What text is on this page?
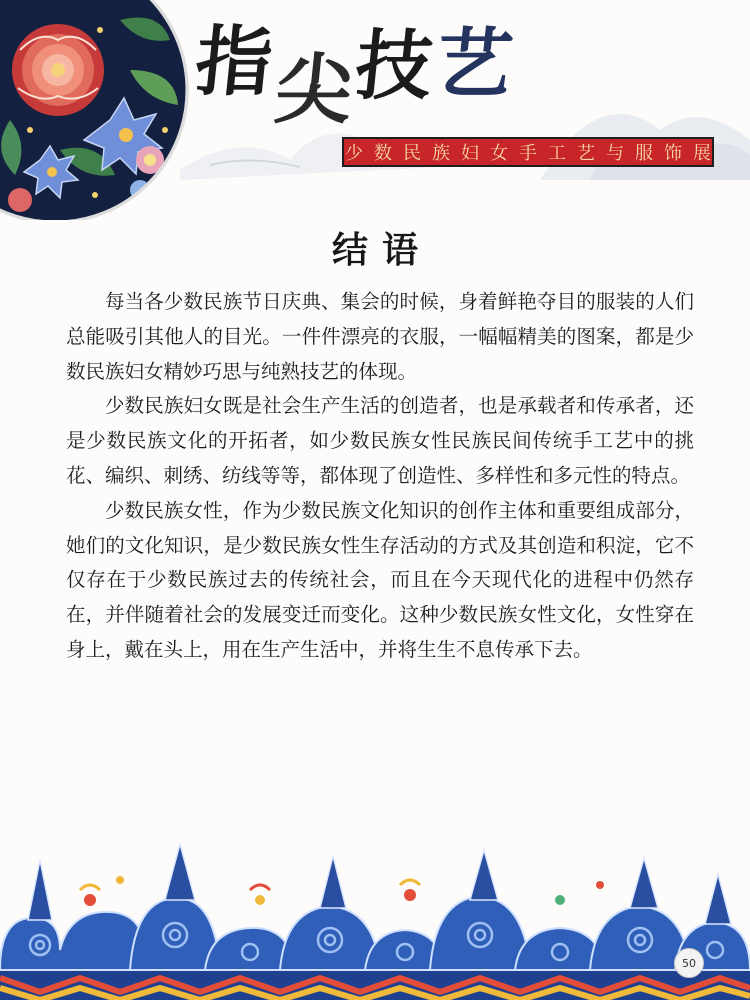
指尖技艺
少数民族妇女手工艺与服饰展
结语

每当各少数民族节日庆典、集会的时候，身着鲜艳夺目的服装的人们总能吸引其他人的目光。一件件漂亮的衣服，一幅幅精美的图案，都是少数民族妇女精妙巧思与纯熟技艺的体现。

少数民族妇女既是社会生产生活的创造者，也是承载者和传承者，还是少数民族文化的开拓者，如少数民族女性民族民间传统手工艺中的挑花、编织、刺绣、纺线等等，都体现了创造性、多样性和多元性的特点。

少数民族女性，作为少数民族文化知识的创作主体和重要组成部分，她们的文化知识，是少数民族女性生存活动的方式及其创造和积淀，它不仅存在于少数民族过去的传统社会，而且在今天现代化的进程中仍然存在，并伴随着社会的发展变迁而变化。这种少数民族女性文化，女性穿在身上，戴在头上，用在生产生活中，并将生生不息传承下去。

50
